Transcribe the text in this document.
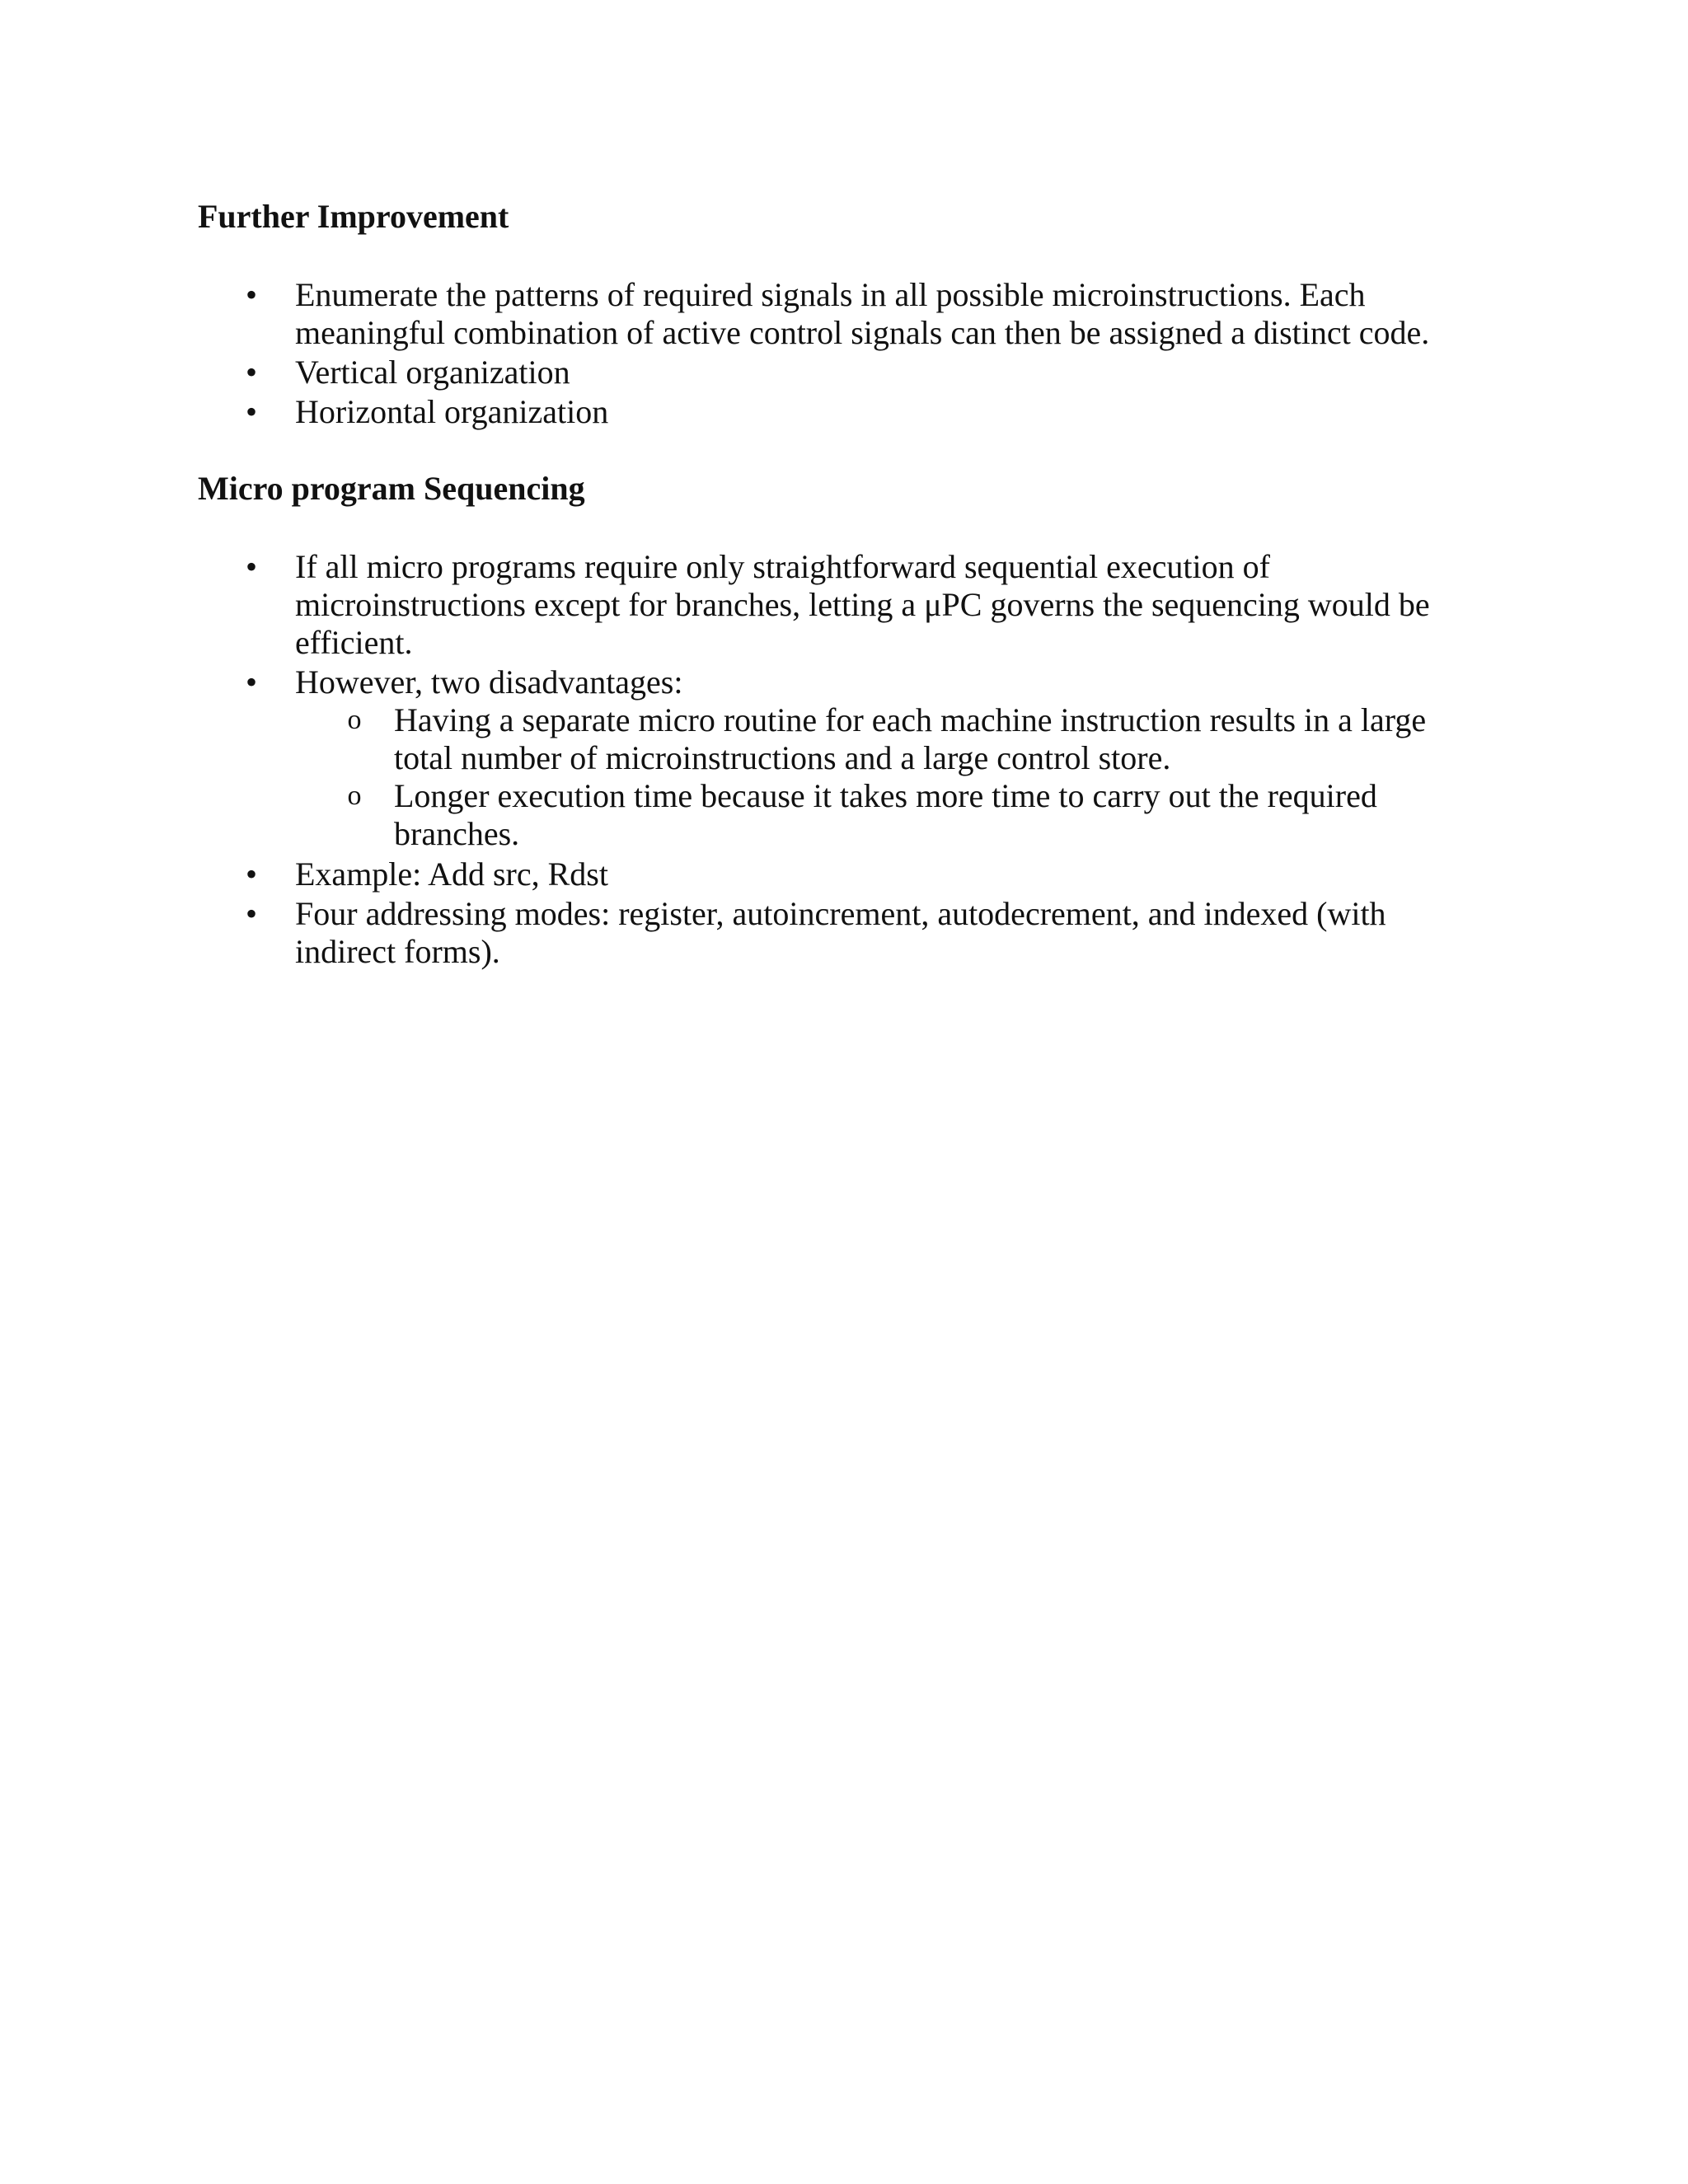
Further Improvement
•	Enumerate the patterns of required signals in all possible microinstructions. Each
meaningful combination of active control signals can then be assigned a distinct code.
•	Vertical organization
•	Horizontal organization
Micro program Sequencing
•	If all micro programs require only straightforward sequential execution of
microinstructions except for branches, letting a μPC governs the sequencing would be
efficient.
•	However, two disadvantages:
o Having a separate micro routine for each machine instruction results in a large
total number of microinstructions and a large control store.
o Longer execution time because it takes more time to carry out the required
branches.
•	Example: Add src, Rdst
•	Four addressing modes: register, autoincrement, autodecrement, and indexed (with
indirect forms).
